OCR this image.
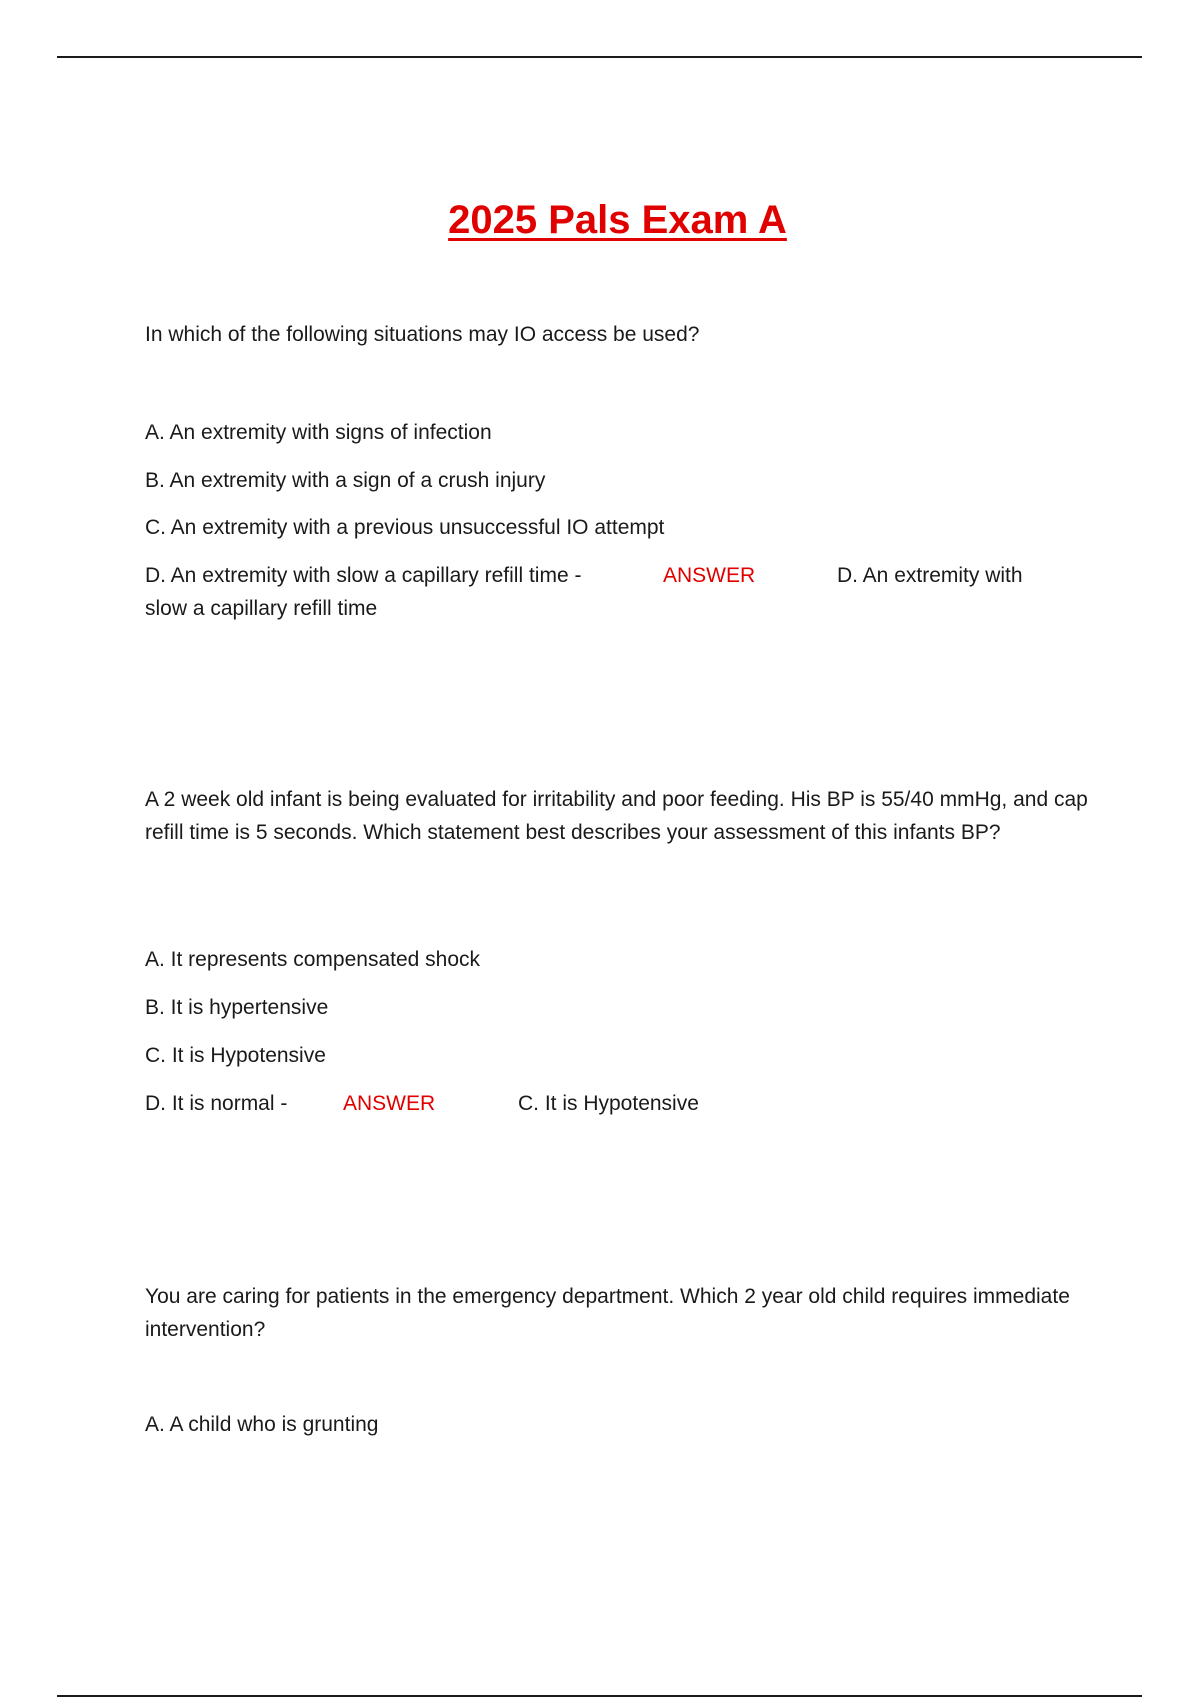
2025 Pals Exam A
In which of the following situations may IO access be used?
A. An extremity with signs of infection
B. An extremity with a sign of a crush injury
C. An extremity with a previous unsuccessful IO attempt
D. An extremity with slow a capillary refill time -	ANSWER	D. An extremity with
slow a capillary refill time
A 2 week old infant is being evaluated for irritability and poor feeding. His BP is 55/40 mmHg, and cap refill time is 5 seconds. Which statement best describes your assessment of this infants BP?
A. It represents compensated shock
B. It is hypertensive
C. It is Hypotensive
D. It is normal -	ANSWER	C. It is Hypotensive
You are caring for patients in the emergency department. Which 2 year old child requires immediate intervention?
A. A child who is grunting
